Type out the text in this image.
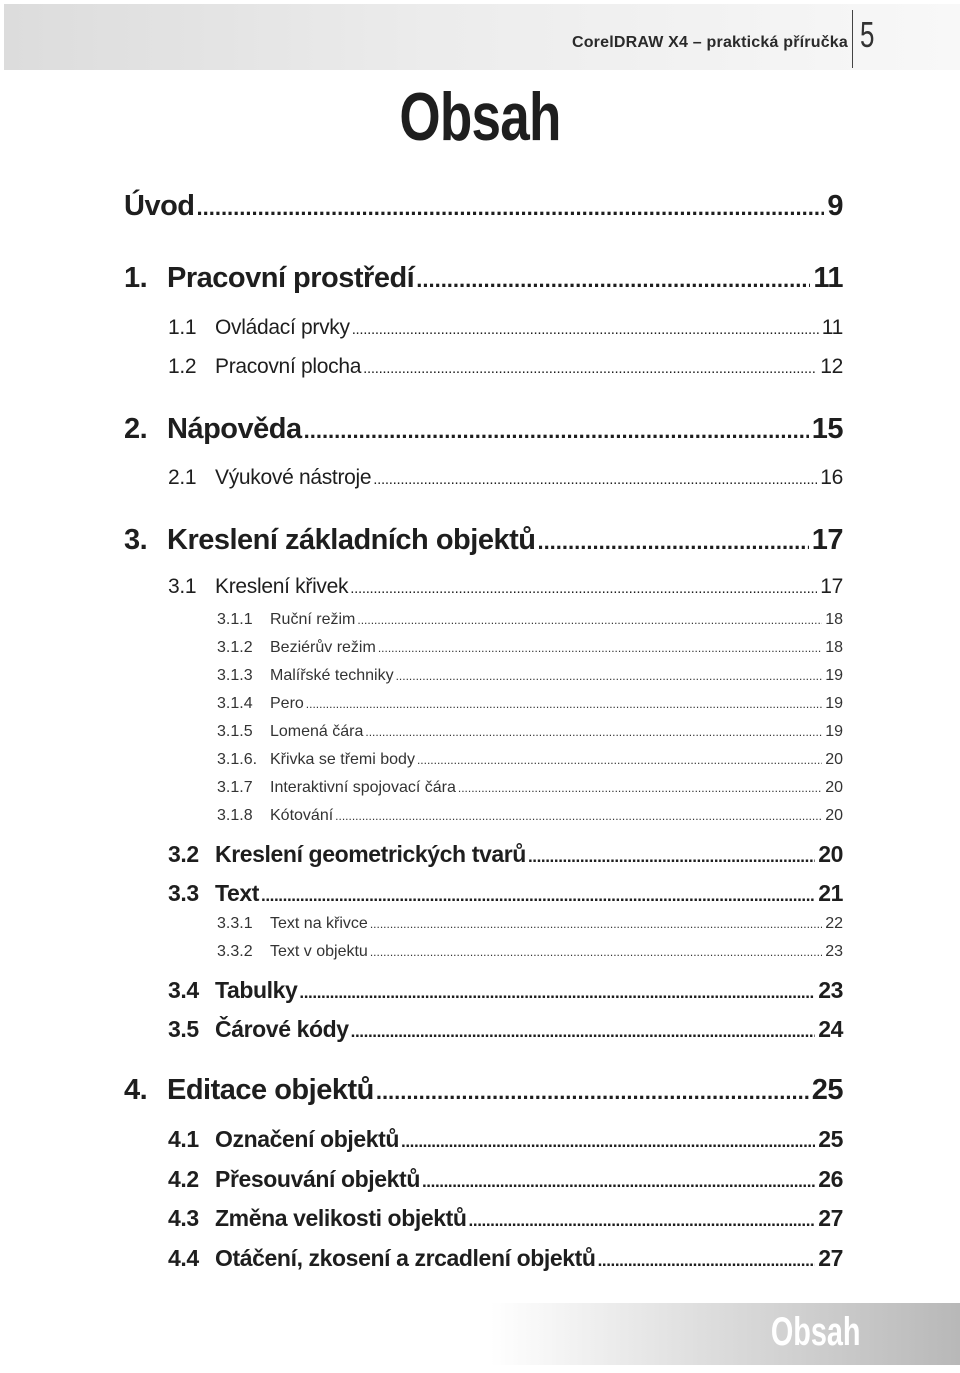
CorelDRAW X4 – praktická příručka 5
Obsah
Úvod .....	9
1. Pracovní prostředí .....	11
1.1 Ovládací prvky .....	11
1.2 Pracovní plocha .....	12
2. Nápověda .....	15
2.1 Výukové nástroje .....	16
3. Kreslení základních objektů .....	17
3.1 Kreslení křivek .....	17
3.1.1	Ruční režim .....	18
3.1.2	Beziérův režim .....	18
3.1.3	Malířské techniky .....	19
3.1.4	Pero .....	19
3.1.5	Lomená čára .....	19
3.1.6. Křivka se třemi body .....	20
3.1.7	Interaktivní spojovací čára .....	20
3.1.8	Kótování .....	20
3.2 Kreslení geometrických tvarů .....	20
3.3 Text .....	21
3.3.1	Text na křivce .....	22
3.3.2	Text v objektu .....	23
3.4 Tabulky .....	23
3.5 Čárové kódy .....	24
4. Editace objektů .....	25
4.1 Označení objektů .....	25
4.2 Přesouvání objektů .....	26
4.3 Změna velikosti objektů .....	27
4.4 Otáčení, zkosení a zrcadlení objektů .....	27
Obsah
